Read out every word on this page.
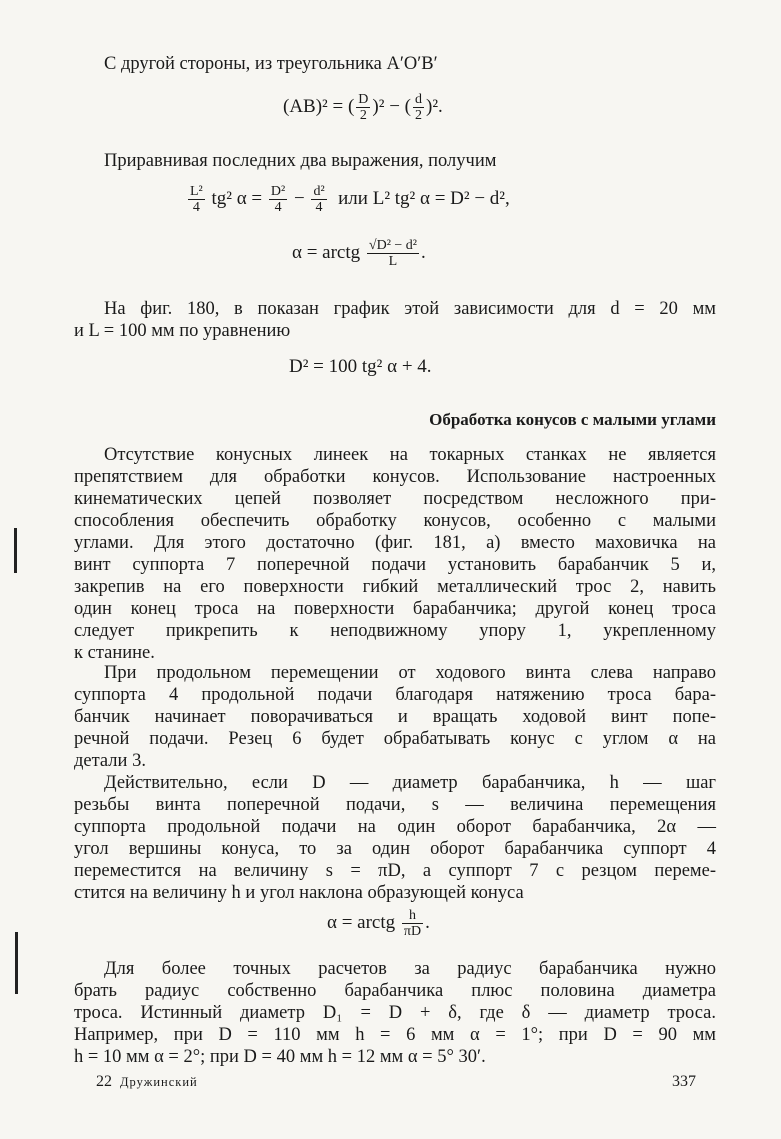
С другой стороны, из треугольника A′O′B′
(AB)² = ( $\frac{D}{2} )^2$ − ( $\frac{d}{2} )^2$.
Приравнивая последних два выражения, получим
$\frac{\text{L²}}{4} tg^2$ $\alpha = \frac{\text{D²}}{4} - \frac{\text{d²}}{4}$ или L² tg² α = D² − d²,
α = arctg $\frac{\text{√D² − d²}}{L}$ .
На фиг. 180, в показан график этой зависимости для d = 20 мм
и L = 100 мм по уравнению
D² = 100 tg² α + 4.
Обработка конусов с малыми углами
Отсутствие конусных линеек на токарных станках не является
препятствием для обработки конусов. Использование настроенных
кинематических цепей позволяет посредством несложного при-
способления обеспечить обработку конусов, особенно с малыми
углами. Для этого достаточно (фиг. 181, а) вместо маховичка на
винт суппорта 7 поперечной подачи установить барабанчик 5 и,
закрепив на его поверхности гибкий металлический трос 2, навить
один конец троса на поверхности барабанчика; другой конец троса
следует прикрепить к неподвижному упору 1, укрепленному
к станине.
При продольном перемещении от ходового винта слева направо
суппорта 4 продольной подачи благодаря натяжению троса бара-
банчик начинает поворачиваться и вращать ходовой винт попе-
речной подачи. Резец 6 будет обрабатывать конус с углом α на
детали 3.
Действительно, если D — диаметр барабанчика, h — шаг
резьбы винта поперечной подачи, s — величина перемещения
суппорта продольной подачи на один оборот барабанчика, 2α —
угол вершины конуса, то за один оборот барабанчика суппорт 4
переместится на величину s = πD, а суппорт 7 с резцом переме-
стится на величину h и угол наклона образующей конуса
α = arctg $\frac{h}{\pi D}$ .
Для более точных расчетов за радиус барабанчика нужно
брать радиус собственно барабанчика плюс половина диаметра
троса. Истинный диаметр D₁ = D + δ, где δ — диаметр троса.
Например, при D = 110 мм h = 6 мм α = 1°; при D = 90 мм
h = 10 мм α = 2°; при D = 40 мм h = 12 мм α = 5° 30′.
22 Дружинский	337
